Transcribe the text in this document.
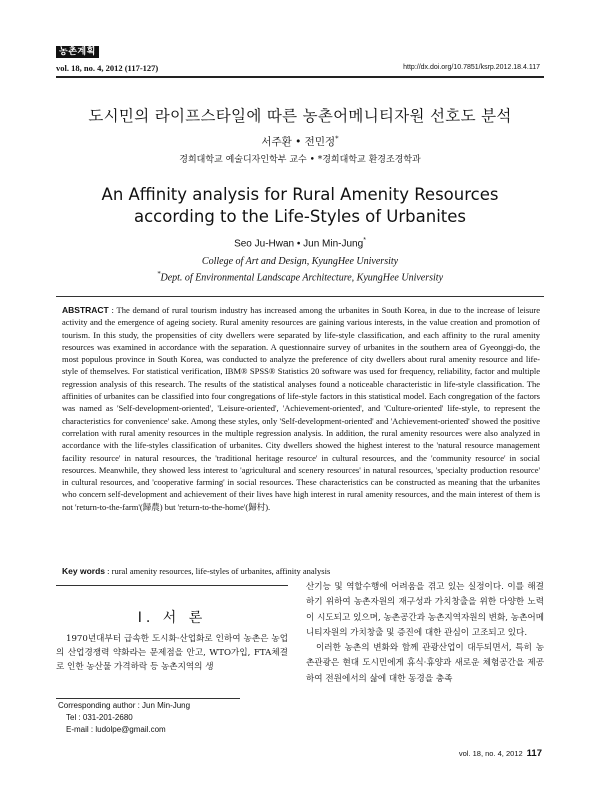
농촌계획
vol. 18, no. 4, 2012 (117-127)	http://dx.doi.org/10.7851/ksrp.2012.18.4.117
도시민의 라이프스타일에 따른 농촌어메니티자원 선호도 분석
서주환 • 전민정*
경희대학교 예술디자인학부 교수 • *경희대학교 환경조경학과
An Affinity analysis for Rural Amenity Resources
according to the Life-Styles of Urbanites
Seo Ju-Hwan • Jun Min-Jung*
College of Art and Design, KyungHee University
*Dept. of Environmental Landscape Architecture, KyungHee University
ABSTRACT : The demand of rural tourism industry has increased among the urbanites in South Korea, in due to the increase of leisure activity and the emergence of ageing society. Rural amenity resources are gaining various interests, in the value creation and promotion of tourism. In this study, the propensities of city dwellers were separated by life-style classification, and each affinity to the rural amenity resources was examined in accordance with the separation. A questionnaire survey of urbanites in the southern area of Gyeonggi-do, the most populous province in South Korea, was conducted to analyze the preference of city dwellers about rural amenity resource and life-style of themselves. For statistical verification, IBM® SPSS® Statistics 20 software was used for frequency, reliability, factor and multiple regression analysis of this research. The results of the statistical analyses found a noticeable characteristic in life-style classification. The affinities of urbanites can be classified into four congregations of life-style factors in this statistical model. Each congregation of the factors was named as 'Self-development-oriented', 'Leisure-oriented', 'Achievement-oriented', and 'Culture-oriented' life-style, to represent the characteristics for convenience' sake. Among these styles, only 'Self-development-oriented' and 'Achievement-oriented' showed the positive correlation with rural amenity resources in the multiple regression analysis. In addition, the rural amenity resources were also analyzed in accordance with the life-styles classification of urbanites. City dwellers showed the highest interest to the 'natural resource management facility resource' in natural resources, the 'traditional heritage resource' in cultural resources, and the 'community resource' in social resources. Meanwhile, they showed less interest to 'agricultural and scenery resources' in natural resources, 'specialty production resource' in cultural resources, and 'cooperative farming' in social resources. These characteristics can be constructed as meaning that the urbanites who concern self-development and achievement of their lives have high interest in rural amenity resources, and the main interest of them is not 'return-to-the-farm'(歸農) but 'return-to-the-home'(歸村).
Key words : rural amenity resources, life-styles of urbanites, affinity analysis
Ⅰ. 서 론

1970년대부터 급속한 도시화·산업화로 인하여 농촌은 농업의 산업경쟁력 약화라는 문제점을 안고, WTO가입, FTA체결로 인한 농산물 가격하락 등 농촌지역의 생

산기능 및 역할수행에 어려움을 겪고 있는 실정이다. 이를 해결하기 위하여 농촌자원의 재구성과 가치창출을 위한 다양한 노력이 시도되고 있으며, 농촌공간과 농촌지역자원의 변화, 농촌어메니티자원의 가치창출 및 증진에 대한 관심이 고조되고 있다.

이러한 농촌의 변화와 함께 관광산업이 대두되면서, 특히 농촌관광은 현대 도시민에게 휴식·휴양과 새로운 체험공간을 제공하여 전원에서의 삶에 대한 동경을 충족

Corresponding author : Jun Min-Jung
Tel : 031-201-2680
E-mail : ludolpe@gmail.com
vol. 18, no. 4, 2012 117
